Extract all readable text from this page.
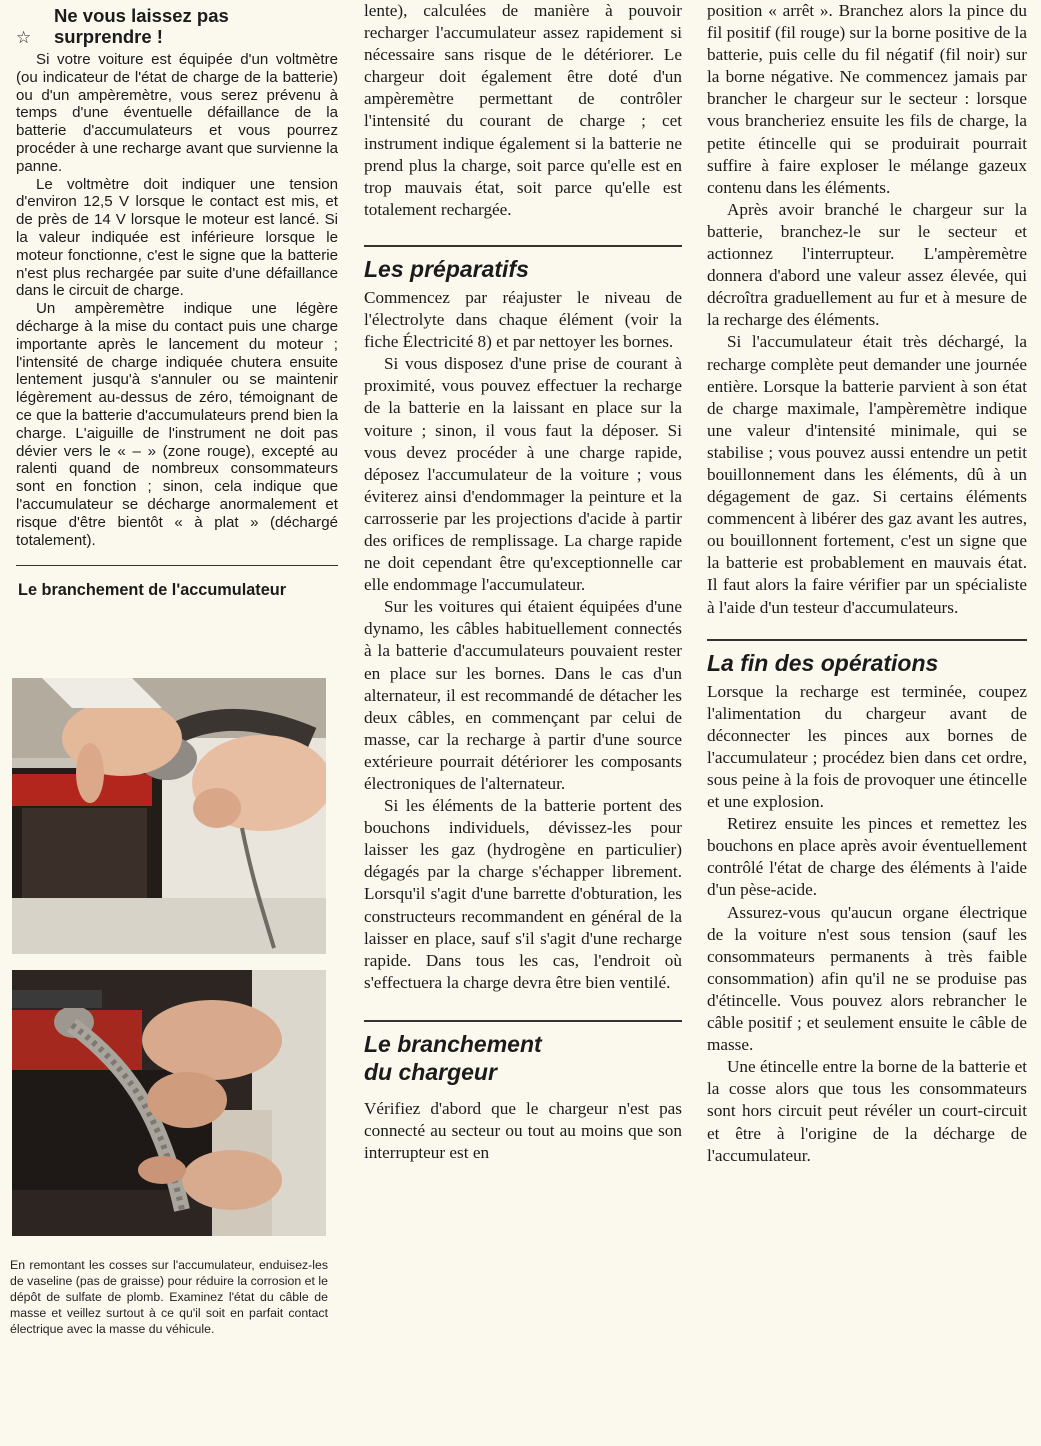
Ne vous laissez pas
☆ surprendre !

Si votre voiture est équipée d'un voltmètre (ou indicateur de l'état de charge de la batterie) ou d'un ampèremètre, vous serez prévenu à temps d'une éventuelle défaillance de la batterie d'accumulateurs et vous pourrez procéder à une recharge avant que survienne la panne.

Le voltmètre doit indiquer une tension d'environ 12,5 V lorsque le contact est mis, et de près de 14 V lorsque le moteur est lancé. Si la valeur indiquée est inférieure lorsque le moteur fonctionne, c'est le signe que la batterie n'est plus rechargée par suite d'une défaillance dans le circuit de charge.

Un ampèremètre indique une légère décharge à la mise du contact puis une charge importante après le lancement du moteur ; l'intensité de charge indiquée chutera ensuite lentement jusqu'à s'annuler ou se maintenir légèrement au-dessus de zéro, témoignant de ce que la batterie d'accumulateurs prend bien la charge. L'aiguille de l'instrument ne doit pas dévier vers le « – » (zone rouge), excepté au ralenti quand de nombreux consommateurs sont en fonction ; sinon, cela indique que l'accumulateur se décharge anormalement et risque d'être bientôt « à plat » (déchargé totalement).

Le branchement de l'accumulateur
En remontant les cosses sur l'accumulateur, enduisez-les de vaseline (pas de graisse) pour réduire la corrosion et le dépôt de sulfate de plomb. Examinez l'état du câble de masse et veillez surtout à ce qu'il soit en parfait contact électrique avec la masse du véhicule.

lente), calculées de manière à pouvoir recharger l'accumulateur assez rapidement si nécessaire sans risque de le détériorer. Le chargeur doit également être doté d'un ampèremètre permettant de contrôler l'intensité du courant de charge ; cet instrument indique également si la batterie ne prend plus la charge, soit parce qu'elle est en trop mauvais état, soit parce qu'elle est totalement rechargée.

Les préparatifs

Commencez par réajuster le niveau de l'électrolyte dans chaque élément (voir la fiche Électricité 8) et par nettoyer les bornes.

Si vous disposez d'une prise de courant à proximité, vous pouvez effectuer la recharge de la batterie en la laissant en place sur la voiture ; sinon, il vous faut la déposer. Si vous devez procéder à une charge rapide, déposez l'accumulateur de la voiture ; vous éviterez ainsi d'endommager la peinture et la carrosserie par les projections d'acide à partir des orifices de remplissage. La charge rapide ne doit cependant être qu'exceptionnelle car elle endommage l'accumulateur.

Sur les voitures qui étaient équipées d'une dynamo, les câbles habituellement connectés à la batterie d'accumulateurs pouvaient rester en place sur les bornes. Dans le cas d'un alternateur, il est recommandé de détacher les deux câbles, en commençant par celui de masse, car la recharge à partir d'une source extérieure pourrait détériorer les composants électroniques de l'alternateur.

Si les éléments de la batterie portent des bouchons individuels, dévissez-les pour laisser les gaz (hydrogène en particulier) dégagés par la charge s'échapper librement. Lorsqu'il s'agit d'une barrette d'obturation, les constructeurs recommandent en général de la laisser en place, sauf s'il s'agit d'une recharge rapide. Dans tous les cas, l'endroit où s'effectuera la charge devra être bien ventilé.

Le branchement
du chargeur

Vérifiez d'abord que le chargeur n'est pas connecté au secteur ou tout au moins que son interrupteur est en

position « arrêt ». Branchez alors la pince du fil positif (fil rouge) sur la borne positive de la batterie, puis celle du fil négatif (fil noir) sur la borne négative. Ne commencez jamais par brancher le chargeur sur le secteur : lorsque vous brancheriez ensuite les fils de charge, la petite étincelle qui se produirait pourrait suffire à faire exploser le mélange gazeux contenu dans les éléments.

Après avoir branché le chargeur sur la batterie, branchez-le sur le secteur et actionnez l'interrupteur. L'ampèremètre donnera d'abord une valeur assez élevée, qui décroîtra graduellement au fur et à mesure de la recharge des éléments.

Si l'accumulateur était très déchargé, la recharge complète peut demander une journée entière. Lorsque la batterie parvient à son état de charge maximale, l'ampèremètre indique une valeur d'intensité minimale, qui se stabilise ; vous pouvez aussi entendre un petit bouillonnement dans les éléments, dû à un dégagement de gaz. Si certains éléments commencent à libérer des gaz avant les autres, ou bouillonnent fortement, c'est un signe que la batterie est probablement en mauvais état. Il faut alors la faire vérifier par un spécialiste à l'aide d'un testeur d'accumulateurs.

La fin des opérations

Lorsque la recharge est terminée, coupez l'alimentation du chargeur avant de déconnecter les pinces aux bornes de l'accumulateur ; procédez bien dans cet ordre, sous peine à la fois de provoquer une étincelle et une explosion.

Retirez ensuite les pinces et remettez les bouchons en place après avoir éventuellement contrôlé l'état de charge des éléments à l'aide d'un pèse-acide.

Assurez-vous qu'aucun organe électrique de la voiture n'est sous tension (sauf les consommateurs permanents à très faible consommation) afin qu'il ne se produise pas d'étincelle. Vous pouvez alors rebrancher le câble positif ; et seulement ensuite le câble de masse.

Une étincelle entre la borne de la batterie et la cosse alors que tous les consommateurs sont hors circuit peut révéler un court-circuit et être à l'origine de la décharge de l'accumulateur.
